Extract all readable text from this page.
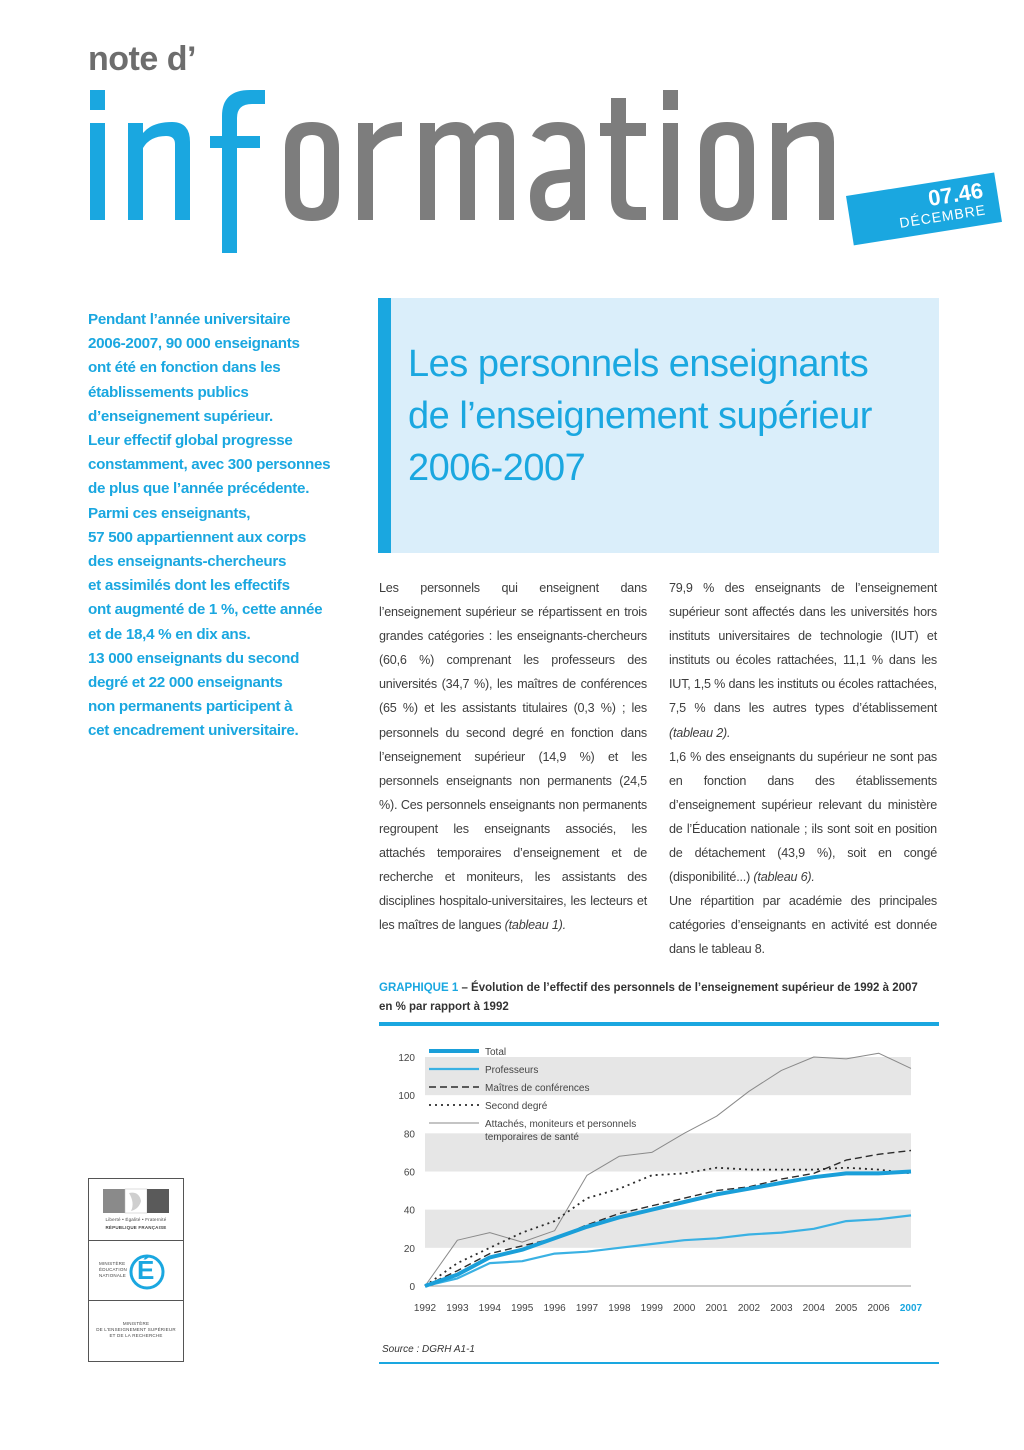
note d’
07.46
DÉCEMBRE

Pendant l’année universitaire

2006-2007, 90 000 enseignants

ont été en fonction dans les

établissements publics

d’enseignement supérieur.

Leur effectif global progresse

constamment, avec 300 personnes

de plus que l’année précédente.

Parmi ces enseignants,

57 500 appartiennent aux corps

des enseignants-chercheurs

et assimilés dont les effectifs

ont augmenté de 1 %, cette année

et de 18,4 % en dix ans.

13 000 enseignants du second

degré et 22 000 enseignants

non permanents participent à

cet encadrement universitaire.

Les personnels enseignants
de l’enseignement supérieur
2006-2007

Les personnels qui enseignent dans l’enseignement supérieur se répartissent en trois grandes catégories : les enseignants-chercheurs (60,6 %) comprenant les professeurs des universités (34,7 %), les maîtres de conférences (65 %) et les assistants titulaires (0,3 %) ; les personnels du second degré en fonction dans l’enseignement supérieur (14,9 %) et les personnels enseignants non permanents (24,5 %). Ces personnels enseignants non permanents regroupent les enseignants associés, les attachés temporaires d’enseignement et de recherche et moniteurs, les assistants des disciplines hospitalo-universitaires, les lecteurs et les maîtres de langues (tableau 1).

79,9 % des enseignants de l’enseignement supérieur sont affectés dans les universités hors instituts universitaires de technologie (IUT) et instituts ou écoles rattachées, 11,1 % dans les IUT, 1,5 % dans les instituts ou écoles rattachées, 7,5 % dans les autres types d’établissement (tableau 2).

1,6 % des enseignants du supérieur ne sont pas en fonction dans des établissements d’enseignement supérieur relevant du ministère de l’Éducation nationale ; ils sont soit en position de détachement (43,9 %), soit en congé (disponibilité...) (tableau 6).

Une répartition par académie des principales catégories d’enseignants en activité est donnée dans le tableau 8.

GRAPHIQUE 1 – Évolution de l’effectif des personnels de l’enseignement supérieur de 1992 à 2007 en % par rapport à 1992
0
20
40
60
80
100
120
1992 1993 1994 1995 1996 1997 1998 1999 2000 2001 2002 2003 2004 2005 2006 2007
Total
Professeurs
Maîtres de conférences
Second degré
Attachés, moniteurs et personnels
temporaires de santé
Source : DGRH A1-1
Liberté • Égalité • Fraternité
RÉPUBLIQUE FRANÇAISE
MINISTÈRE
ÉDUCATION
NATIONALE É
MINISTÈRE
DE L’ENSEIGNEMENT SUPÉRIEUR
ET DE LA RECHERCHE
